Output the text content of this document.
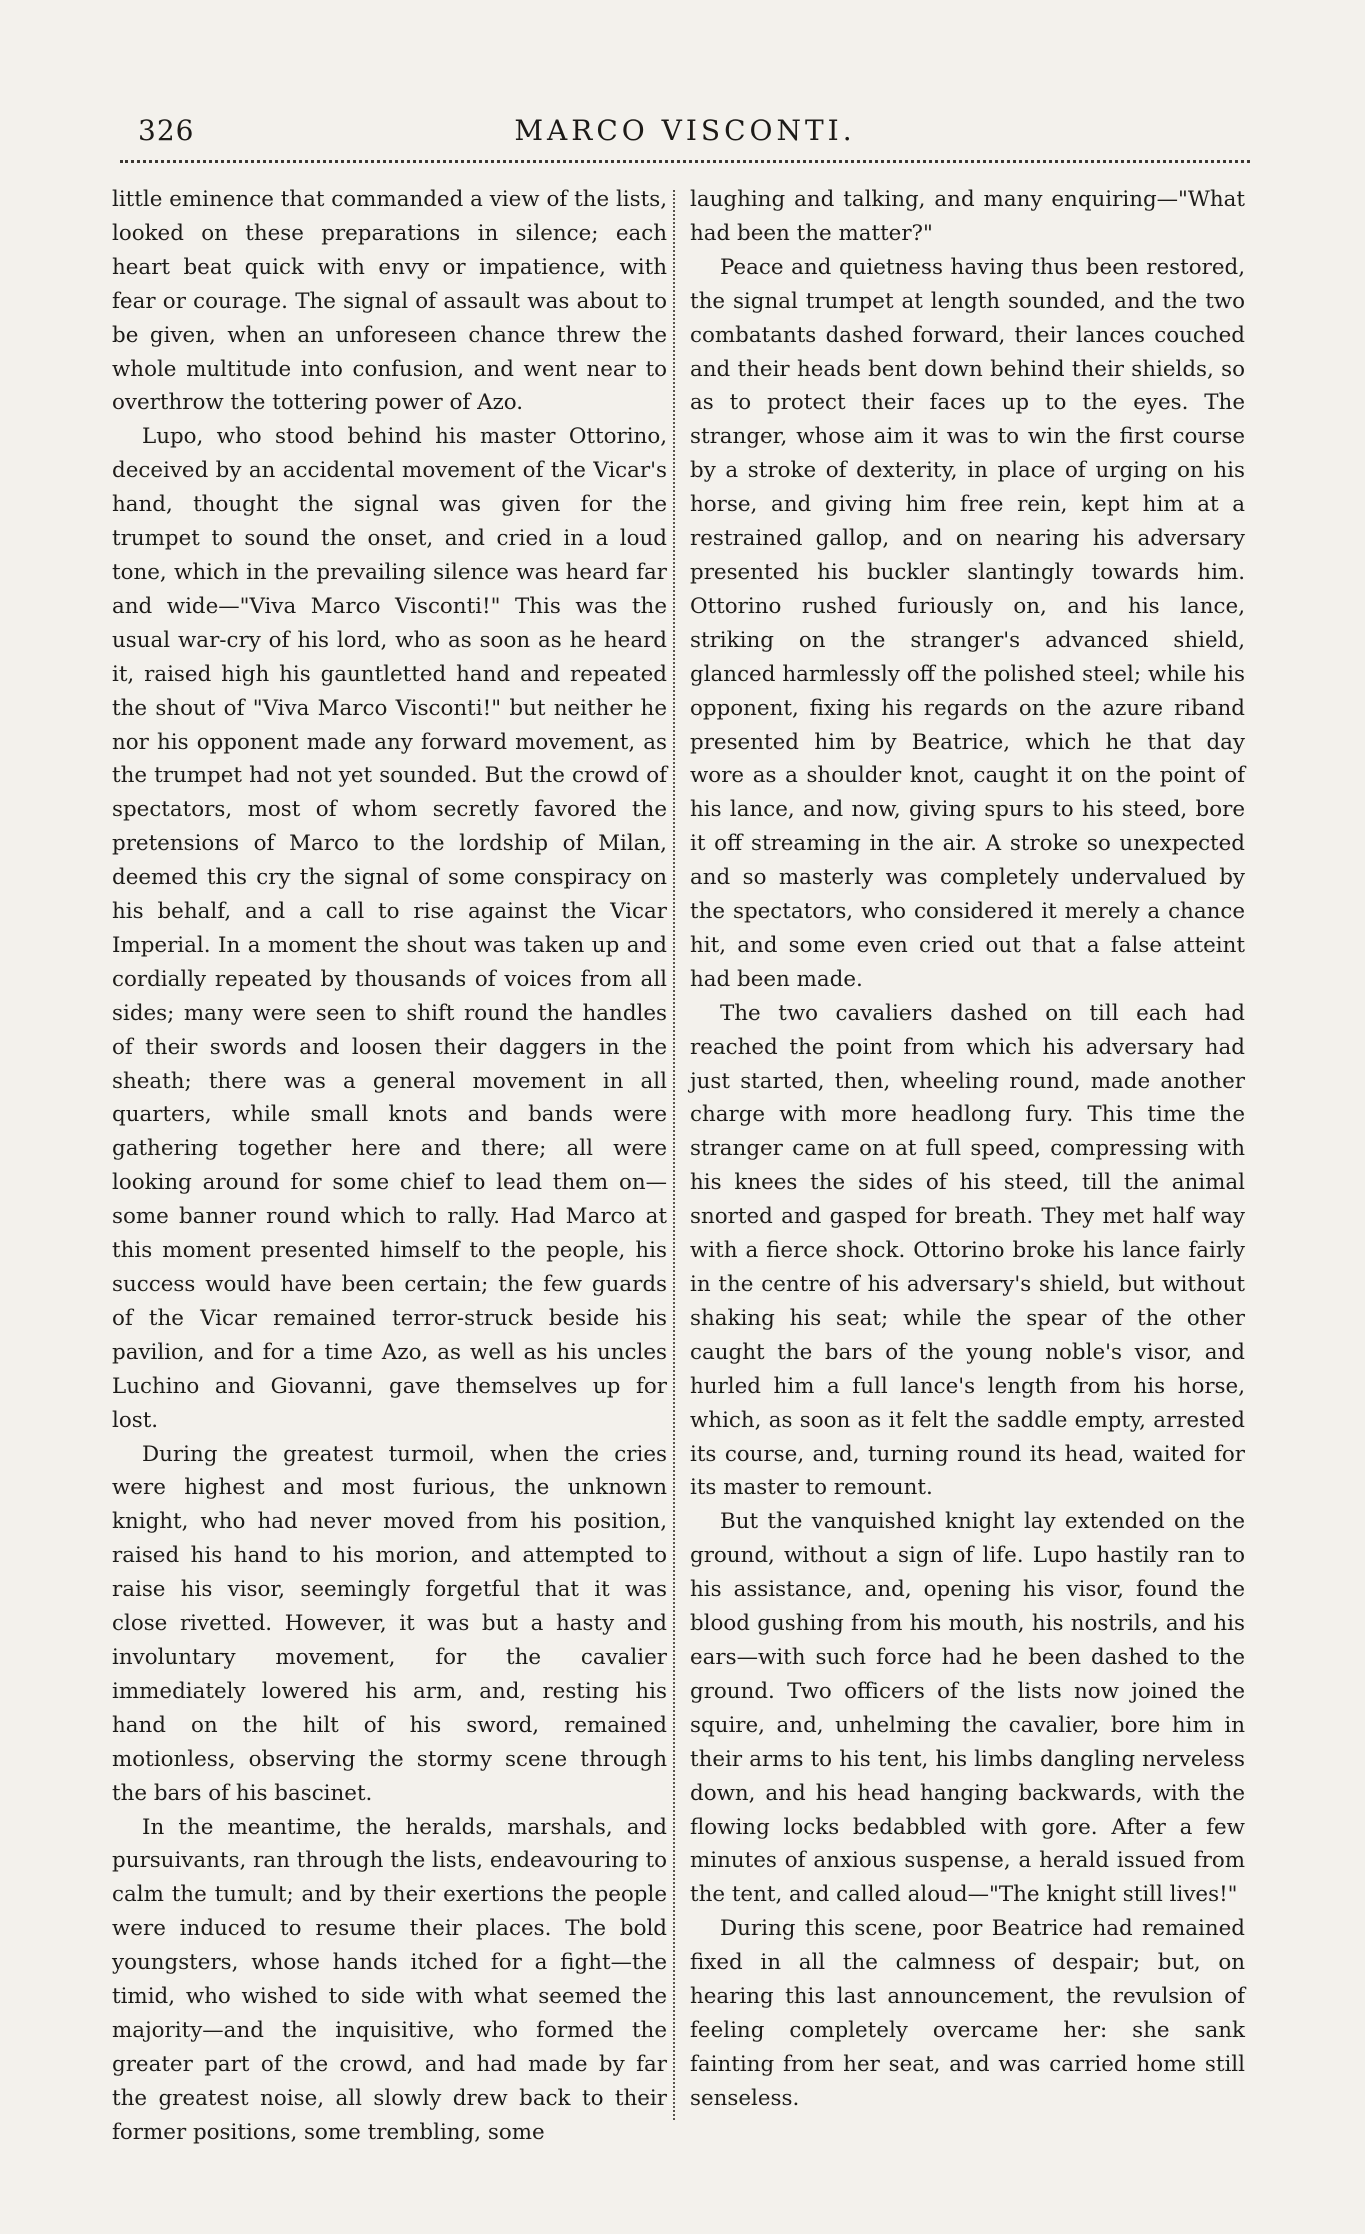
326	MARCO VISCONTI.

little eminence that commanded a view of the lists, looked on these preparations in silence; each heart beat quick with envy or impatience, with fear or courage. The signal of assault was about to be given, when an unforeseen chance threw the whole multitude into confusion, and went near to overthrow the tottering power of Azo.

Lupo, who stood behind his master Ottorino, deceived by an accidental movement of the Vicar's hand, thought the signal was given for the trumpet to sound the onset, and cried in a loud tone, which in the prevailing silence was heard far and wide—"Viva Marco Visconti!" This was the usual war-cry of his lord, who as soon as he heard it, raised high his gauntletted hand and repeated the shout of "Viva Marco Visconti!" but neither he nor his opponent made any forward movement, as the trumpet had not yet sounded. But the crowd of spectators, most of whom secretly favored the pretensions of Marco to the lordship of Milan, deemed this cry the signal of some conspiracy on his behalf, and a call to rise against the Vicar Imperial. In a moment the shout was taken up and cordially repeated by thousands of voices from all sides; many were seen to shift round the handles of their swords and loosen their daggers in the sheath; there was a general movement in all quarters, while small knots and bands were gathering together here and there; all were looking around for some chief to lead them on—some banner round which to rally. Had Marco at this moment presented himself to the people, his success would have been certain; the few guards of the Vicar remained terror-struck beside his pavilion, and for a time Azo, as well as his uncles Luchino and Giovanni, gave themselves up for lost.

During the greatest turmoil, when the cries were highest and most furious, the unknown knight, who had never moved from his position, raised his hand to his morion, and attempted to raise his visor, seemingly forgetful that it was close rivetted. However, it was but a hasty and involuntary movement, for the cavalier immediately lowered his arm, and, resting his hand on the hilt of his sword, remained motionless, observing the stormy scene through the bars of his bascinet.

In the meantime, the heralds, marshals, and pursuivants, ran through the lists, endeavouring to calm the tumult; and by their exertions the people were induced to resume their places. The bold youngsters, whose hands itched for a fight—the timid, who wished to side with what seemed the majority—and the inquisitive, who formed the greater part of the crowd, and had made by far the greatest noise, all slowly drew back to their former positions, some trembling, some

laughing and talking, and many enquiring—"What had been the matter?"

Peace and quietness having thus been restored, the signal trumpet at length sounded, and the two combatants dashed forward, their lances couched and their heads bent down behind their shields, so as to protect their faces up to the eyes. The stranger, whose aim it was to win the first course by a stroke of dexterity, in place of urging on his horse, and giving him free rein, kept him at a restrained gallop, and on nearing his adversary presented his buckler slantingly towards him. Ottorino rushed furiously on, and his lance, striking on the stranger's advanced shield, glanced harmlessly off the polished steel; while his opponent, fixing his regards on the azure riband presented him by Beatrice, which he that day wore as a shoulder knot, caught it on the point of his lance, and now, giving spurs to his steed, bore it off streaming in the air. A stroke so unexpected and so masterly was completely undervalued by the spectators, who considered it merely a chance hit, and some even cried out that a false atteint had been made.

The two cavaliers dashed on till each had reached the point from which his adversary had just started, then, wheeling round, made another charge with more headlong fury. This time the stranger came on at full speed, compressing with his knees the sides of his steed, till the animal snorted and gasped for breath. They met half way with a fierce shock. Ottorino broke his lance fairly in the centre of his adversary's shield, but without shaking his seat; while the spear of the other caught the bars of the young noble's visor, and hurled him a full lance's length from his horse, which, as soon as it felt the saddle empty, arrested its course, and, turning round its head, waited for its master to remount.

But the vanquished knight lay extended on the ground, without a sign of life. Lupo hastily ran to his assistance, and, opening his visor, found the blood gushing from his mouth, his nostrils, and his ears—with such force had he been dashed to the ground. Two officers of the lists now joined the squire, and, unhelming the cavalier, bore him in their arms to his tent, his limbs dangling nerveless down, and his head hanging backwards, with the flowing locks bedabbled with gore. After a few minutes of anxious suspense, a herald issued from the tent, and called aloud—"The knight still lives!"

During this scene, poor Beatrice had remained fixed in all the calmness of despair; but, on hearing this last announcement, the revulsion of feeling completely overcame her: she sank fainting from her seat, and was carried home still senseless.
